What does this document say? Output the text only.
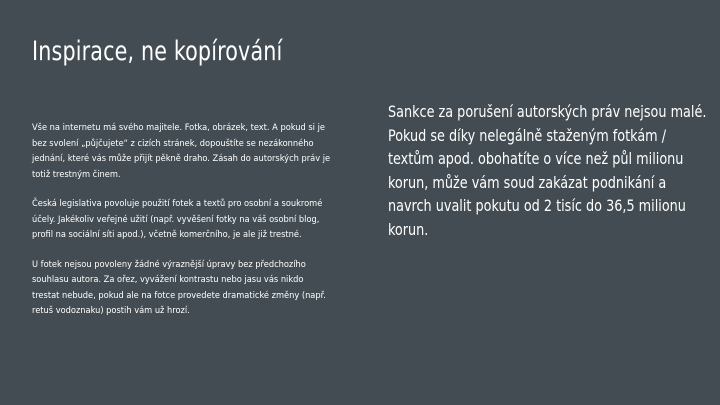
Inspirace, ne kopírování

Vše na internetu má svého majitele. Fotka, obrázek, text. A pokud si je bez svolení „půjčujete“ z cizích stránek, dopouštíte se nezákonného jednání, které vás může přijít pěkně draho. Zásah do autorských práv je totiž trestným činem.

Česká legislativa povoluje použití fotek a textů pro osobní a soukromé účely. Jakékoliv veřejné užití (např. vyvěšení fotky na váš osobní blog, profil na sociální síti apod.), včetně komerčního, je ale již trestné.

U fotek nejsou povoleny žádné výraznější úpravy bez předchozího souhlasu autora. Za ořez, vyvážení kontrastu nebo jasu vás nikdo trestat nebude, pokud ale na fotce provedete dramatické změny (např. retuš vodoznaku) postih vám už hrozí.

Sankce za porušení autorských práv nejsou malé. Pokud se díky nelegálně staženým fotkám / textům apod. obohatíte o více než půl milionu korun, může vám soud zakázat podnikání a navrch uvalit pokutu od 2 tisíc do 36,5 milionu korun.
